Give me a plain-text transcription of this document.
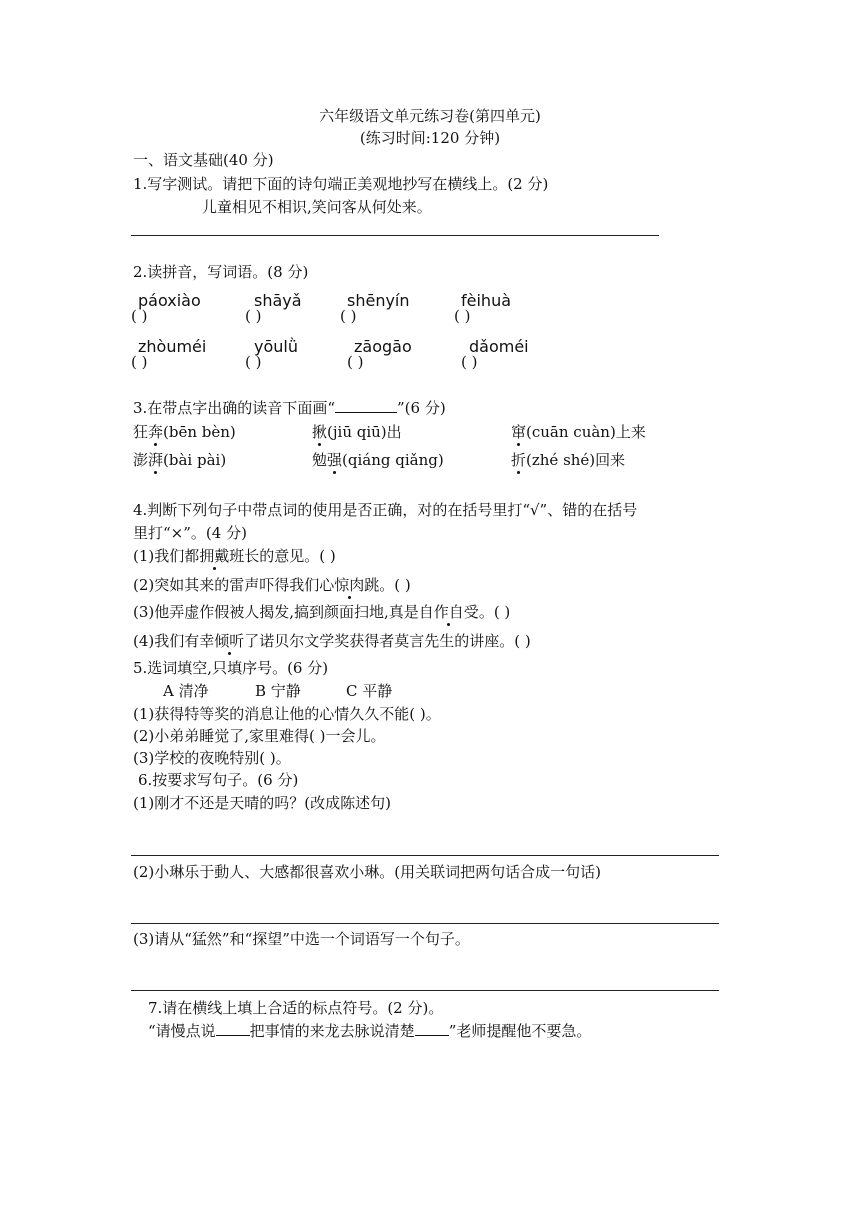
六年级语文单元练习卷(第四单元)
(练习时间:120 分钟)
一、语文基础(40 分)
1.写字测试。请把下面的诗句端正美观地抄写在横线上。(2 分)
儿童相见不相识,笑问客从何处来。
2.读拼音，写词语。(8 分)
páoxiào	shāyǎ	shēnyín	fèihuà
( )	( )	( )	( )
zhòuméi	yōulǜ	zāogāo	dǎoméi
( )	( )	( )	( )
3.在带点字出确的读音下面画“	”(6 分)
狂奔(bēn bèn)	揪(jiū qiū)出	窜(cuān cuàn)上来
澎湃(bài pài)	勉强(qiáng qiǎng)	折(zhé shé)回来
4.判断下列句子中带点词的使用是否正确，对的在括号里打“√”、错的在括号
里打“×”。(4 分)
(1)我们都拥戴班长的意见。( )
(2)突如其来的雷声吓得我们心惊肉跳。( )
(3)他弄虚作假被人揭发,搞到颜面扫地,真是自作自受。( )
(4)我们有幸倾听了诺贝尔文学奖获得者莫言先生的讲座。( )
5.选词填空,只填序号。(6 分)
A 清净	B 宁静	C 平静
(1)获得特等奖的消息让他的心情久久不能( )。
(2)小弟弟睡觉了,家里难得( )一会儿。
(3)学校的夜晚特别( )。
6.按要求写句子。(6 分)
(1)刚才不还是天晴的吗？(改成陈述句)
(2)小琳乐于動人、大感都很喜欢小琳。(用关联词把两句话合成一句话)
(3)请从“猛然”和“探望”中选一个词语写一个句子。
7.请在横线上填上合适的标点符号。(2 分)。
“请慢点说 把事情的来龙去脉说清楚 ”老师提醒他不要急。
